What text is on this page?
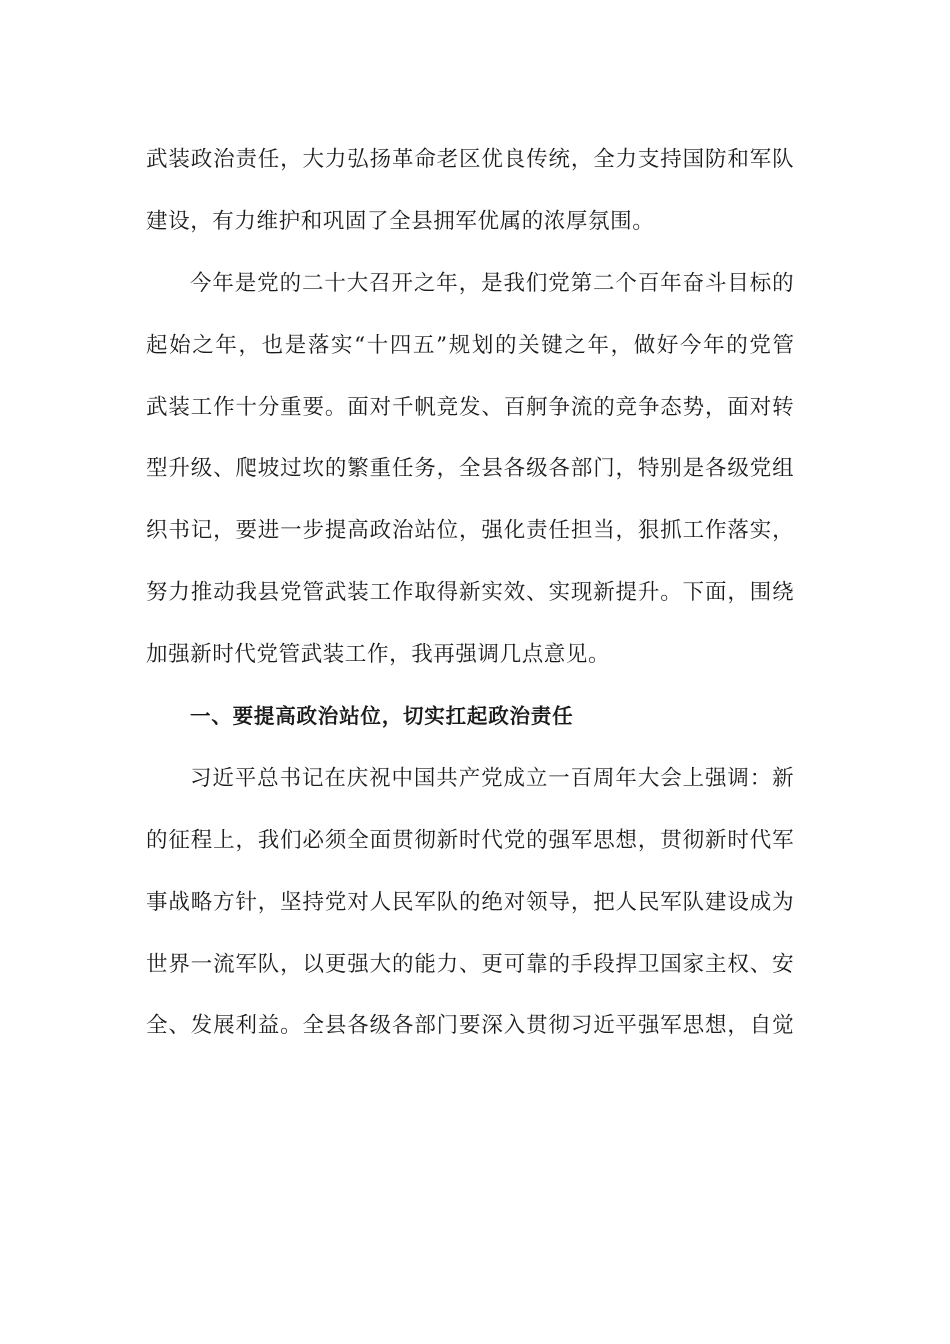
武 装 政 治 责 任 ， 大 力 弘 扬 革 命 老 区 优 良 传 统 ， 全 力 支 持 国 防 和 军 队
建设，有力维护和巩固了全县拥军优属的浓厚氛围。
今 年 是 党 的 二 十 大 召 开 之 年 ， 是 我 们 党 第 二 个 百 年 奋 斗 目 标 的
起 始 之 年 ， 也 是 落 实 “ 十 四 五 ” 规 划 的 关 键 之 年 ， 做 好 今 年 的 党 管
武 装 工 作 十 分 重 要 。 面 对 千 帆 竞 发 、 百 舸 争 流 的 竞 争 态 势 ， 面 对 转
型 升 级 、 爬 坡 过 坎 的 繁 重 任 务 ， 全 县 各 级 各 部 门 ， 特 别 是 各 级 党 组
织 书 记 ， 要 进 一 步 提 高 政 治 站 位 ， 强 化 责 任 担 当 ， 狠 抓 工 作 落 实 ，
努 力 推 动 我 县 党 管 武 装 工 作 取 得 新 实 效 、 实 现 新 提 升 。 下 面 ， 围 绕
加强新时代党管武装工作，我再强调几点意见。
一、要提高政治站位，切实扛起政治责任
习 近 平 总 书 记 在 庆 祝 中 国 共 产 党 成 立 一 百 周 年 大 会 上 强 调 ： 新
的 征 程 上 ， 我 们 必 须 全 面 贯 彻 新 时 代 党 的 强 军 思 想 ， 贯 彻 新 时 代 军
事 战 略 方 针 ， 坚 持 党 对 人 民 军 队 的 绝 对 领 导 ， 把 人 民 军 队 建 设 成 为
世 界 一 流 军 队 ， 以 更 强 大 的 能 力 、 更 可 靠 的 手 段 捍 卫 国 家 主 权 、 安
全 、 发 展 利 益 。 全 县 各 级 各 部 门 要 深 入 贯 彻 习 近 平 强 军 思 想 ， 自 觉
